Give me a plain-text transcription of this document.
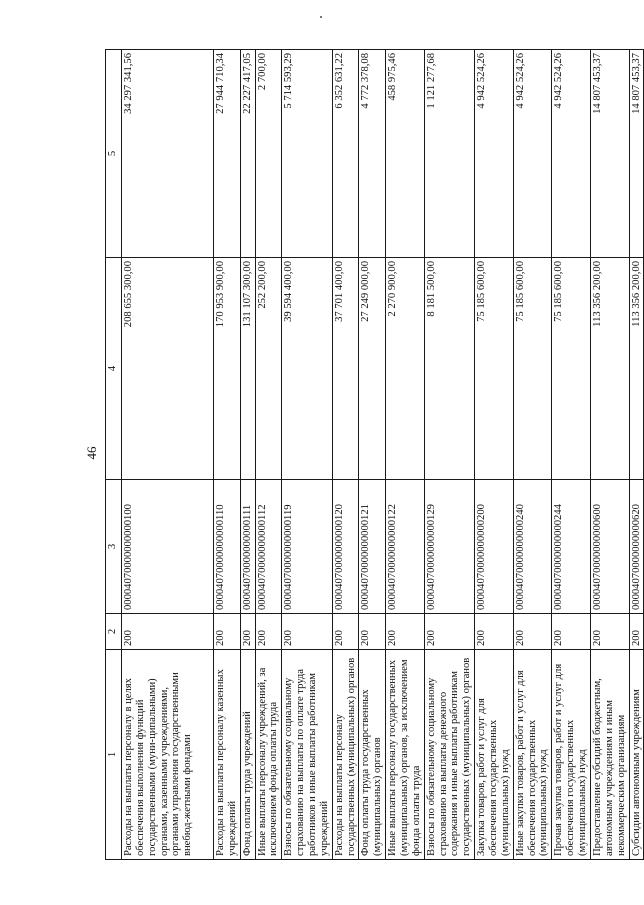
46
1	2	3	4	5
Расходы на выплаты персоналу в целях обеспечения выполнения функций государственными (муни-ципальными) органами, казенными учреждениями, органами управления государственными внебюд-жетными фондами	200	00004070000000000100	208 655 300,00	34 297 341,56
Расходы на выплаты персоналу казенных учреждений	200	00004070000000000110	170 953 900,00	27 944 710,34
Фонд оплаты труда учреждений	200	00004070000000000111	131 107 300,00	22 227 417,05
Иные выплаты персоналу учреждений, за исключением фонда оплаты труда	200	00004070000000000112	252 200,00	2 700,00
Взносы по обязательному социальному страхованию на выплаты по оплате труда работников и иные выплаты работникам учреждений	200	00004070000000000119	39 594 400,00	5 714 593,29
Расходы на выплаты персоналу государственных (муниципальных) органов	200	00004070000000000120	37 701 400,00	6 352 631,22
Фонд оплаты труда государственных (муниципальных) органов	200	00004070000000000121	27 249 000,00	4 772 378,08
Иные выплаты персоналу государственных (муниципальных) органов, за исключением фонда оплаты труда	200	00004070000000000122	2 270 900,00	458 975,46
Взносы по обязательному социальному страхованию на выплаты денежного содержания и иные выплаты работникам государственных (муниципальных) органов	200	00004070000000000129	8 181 500,00	1 121 277,68
Закупка товаров, работ и услуг для обеспечения государственных (муниципальных) нужд	200	00004070000000000200	75 185 600,00	4 942 524,26
Иные закупки товаров, работ и услуг для обеспечения государственных (муниципальных) нужд	200	00004070000000000240	75 185 600,00	4 942 524,26
Прочая закупка товаров, работ и услуг для обеспечения государственных (муниципальных) нужд	200	00004070000000000244	75 185 600,00	4 942 524,26
Предоставление субсидий бюджетным, автономным учреждениям и иным некоммерческим организациям	200	00004070000000000600	113 356 200,00	14 807 453,37
Субсидии автономным учреждениям	200	00004070000000000620	113 356 200,00	14 807 453,37
